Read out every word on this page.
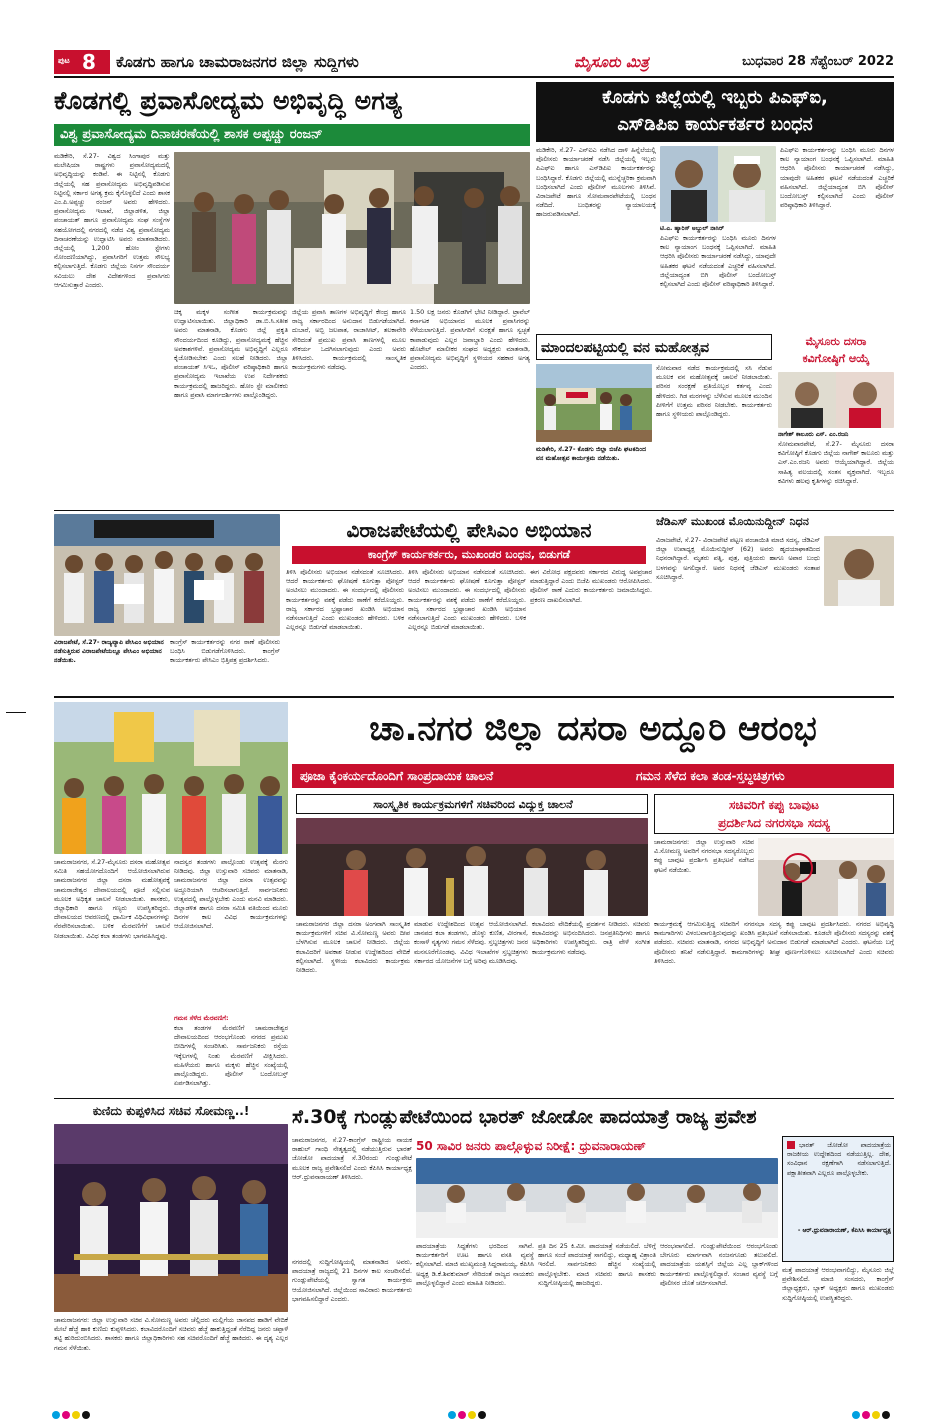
ಪುಟ 8 ಕೊಡಗು ಹಾಗೂ ಚಾಮರಾಜನಗರ ಜಿಲ್ಲಾ ಸುದ್ದಿಗಳು	ಮೈಸೂರು ಮಿತ್ರ	ಬುಧವಾರ 28 ಸೆಪ್ಟೆಂಬರ್ 2022
ಕೊಡಗಲ್ಲಿ ಪ್ರವಾಸೋದ್ಯಮ ಅಭಿವೃದ್ಧಿ ಅಗತ್ಯ
ವಿಶ್ವ ಪ್ರವಾಸೋದ್ಯಮ ದಿನಾಚರಣೆಯಲ್ಲಿ ಶಾಸಕ ಅಪ್ಪಚ್ಚು ರಂಜನ್
ಮಡಿಕೇರಿ, ಸೆ.27- ವಿಶ್ವದ ಸಿಂಗಾಪುರ ಮತ್ತು ಮಲೇಷಿಯಾ ರಾಷ್ಟ್ರಗಳು ಪ್ರವಾಸೋದ್ಯಮದಲ್ಲಿ ಅಭಿವೃದ್ಧಿಯನ್ನು ಕಂಡಿವೆ. ಈ ನಿಟ್ಟಿನಲ್ಲಿ ಕೊಡಗು ಜಿಲ್ಲೆಯಲ್ಲಿ ಸಹ ಪ್ರವಾಸೋದ್ಯಮ ಅಭಿವೃದ್ಧಿಪಡಿಸುವ ನಿಟ್ಟಿನಲ್ಲಿ ಸರ್ಕಾರ ಅಗತ್ಯ ಕ್ರಮ ಕೈಗೊಳ್ಳಲಿದೆ ಎಂದು ಶಾಸಕ ಎಂ.ಪಿ.ಅಪ್ಪಚ್ಚು ರಂಜನ್ ಅವರು ಹೇಳಿದರು. ಪ್ರವಾಸೋದ್ಯಮ ಇಲಾಖೆ, ಜಿಲ್ಲಾಡಳಿತ, ಜಿಲ್ಲಾ ಪಂಚಾಯತ್ ಹಾಗೂ ಪ್ರವಾಸೋದ್ಯಮ ಸಂಘ ಸಂಸ್ಥೆಗಳ ಸಹಯೋಗದಲ್ಲಿ ನಗರದಲ್ಲಿ ನಡೆದ ವಿಶ್ವ ಪ್ರವಾಸೋದ್ಯಮ ದಿನಾಚರಣೆಯನ್ನು ಉದ್ಘಾಟಿಸಿ ಅವರು ಮಾತನಾಡಿದರು. ಜಿಲ್ಲೆಯಲ್ಲಿ 1,200 ಹೋಂ ಸ್ಟೇಗಳು ನೋಂದಣಿಯಾಗಿದ್ದು, ಪ್ರವಾಸಿಗರಿಗೆ ಉತ್ತಮ ಸೌಲಭ್ಯ ಕಲ್ಪಿಸಲಾಗುತ್ತಿದೆ. ಕೊಡಗು ಜಿಲ್ಲೆಯ ನಿಸರ್ಗ ಸೌಂದರ್ಯ ಸವಿಯಲು ದೇಶ ವಿದೇಶಗಳಿಂದ ಪ್ರವಾಸಿಗರು ಆಗಮಿಸುತ್ತಾರೆ ಎಂದರು.
ಚಿಕ್ಕ ಮಕ್ಕಳ ಸಂಗೀತ ಕಾರ್ಯಕ್ರಮವನ್ನು ಉದ್ಘಾಟಿಸಲಾಯಿತು. ಜಿಲ್ಲಾಧಿಕಾರಿ ಡಾ.ಬಿ.ಸಿ.ಸತೀಶ ಅವರು ಮಾತನಾಡಿ, ಕೊಡಗು ಜಿಲ್ಲೆ ಪ್ರಕೃತಿ ಸೌಂದರ್ಯದಿಂದ ಕೂಡಿದ್ದು, ಪ್ರವಾಸೋದ್ಯಮಕ್ಕೆ ಹೆಚ್ಚಿನ ಅವಕಾಶಗಳಿವೆ. ಪ್ರವಾಸೋದ್ಯಮ ಅಭಿವೃದ್ಧಿಗೆ ಎಲ್ಲರೂ ಕೈಜೋಡಿಸಬೇಕು ಎಂದು ಸಲಹೆ ನೀಡಿದರು. ಜಿಲ್ಲಾ ಪಂಚಾಯತ್ ಸಿಇಒ, ಪೊಲೀಸ್ ವರಿಷ್ಠಾಧಿಕಾರಿ ಹಾಗೂ ಪ್ರವಾಸೋದ್ಯಮ ಇಲಾಖೆಯ ಉಪ ನಿರ್ದೇಶಕರು ಕಾರ್ಯಕ್ರಮದಲ್ಲಿ ಹಾಜರಿದ್ದರು. ಹೋಂ ಸ್ಟೇ ಮಾಲೀಕರು ಹಾಗೂ ಪ್ರವಾಸಿ ಮಾರ್ಗದರ್ಶಿಗಳು ಪಾಲ್ಗೊಂಡಿದ್ದರು.
ಜಿಲ್ಲೆಯ ಪ್ರವಾಸಿ ತಾಣಗಳ ಅಭಿವೃದ್ಧಿಗೆ ಕೇಂದ್ರ ಹಾಗೂ ರಾಜ್ಯ ಸರ್ಕಾರದಿಂದ ಅನುದಾನ ಬಿಡುಗಡೆಯಾಗಿದೆ. ದುಬಾರೆ, ಅಬ್ಬಿ ಜಲಪಾತ, ರಾಜಾಸೀಟ್, ತಲಕಾವೇರಿ ಸೇರಿದಂತೆ ಪ್ರಮುಖ ಪ್ರವಾಸಿ ತಾಣಗಳಲ್ಲಿ ಮೂಲ ಸೌಕರ್ಯ ಒದಗಿಸಲಾಗುವುದು ಎಂದು ಅವರು ತಿಳಿಸಿದರು. ಕಾರ್ಯಕ್ರಮದಲ್ಲಿ ಸಾಂಸ್ಕೃತಿಕ ಕಾರ್ಯಕ್ರಮಗಳು ನಡೆದವು.
1.50 ಲಕ್ಷ ಜನರು ಕೊಡಗಿಗೆ ಭೇಟಿ ನೀಡಿದ್ದಾರೆ. ಟ್ರಾವೆಲ್ ಕರ್ನಾಟಕ ಅಭಿಯಾನದ ಮೂಲಕ ಪ್ರವಾಸಿಗರನ್ನು ಸೆಳೆಯಲಾಗುತ್ತಿದೆ. ಪ್ರವಾಸಿಗರಿಗೆ ಸುರಕ್ಷತೆ ಹಾಗೂ ಸ್ವಚ್ಛತೆ ಕಾಪಾಡುವುದು ಎಲ್ಲರ ಜವಾಬ್ದಾರಿ ಎಂದು ಹೇಳಿದರು. ಹೊಟೇಲ್ ಮಾಲೀಕರ ಸಂಘದ ಅಧ್ಯಕ್ಷರು ಮಾತನಾಡಿ, ಪ್ರವಾಸೋದ್ಯಮ ಅಭಿವೃದ್ಧಿಗೆ ಸ್ಥಳೀಯರ ಸಹಕಾರ ಅಗತ್ಯ ಎಂದರು.
ಕೊಡಗು ಜಿಲ್ಲೆಯಲ್ಲಿ ಇಬ್ಬರು ಪಿಎಫ್‌ಐ,
ಎಸ್‌ಡಿಪಿಐ ಕಾರ್ಯಕರ್ತರ ಬಂಧನ
ಮಡಿಕೇರಿ, ಸೆ.27- ಎನ್‌ಐಎ ನಡೆಸಿದ ದಾಳಿ ಹಿನ್ನೆಲೆಯಲ್ಲಿ ಪೊಲೀಸರು ಕಾರ್ಯಾಚರಣೆ ನಡೆಸಿ ಜಿಲ್ಲೆಯಲ್ಲಿ ಇಬ್ಬರು ಪಿಎಫ್‌ಐ ಹಾಗೂ ಎಸ್‌ಡಿಪಿಐ ಕಾರ್ಯಕರ್ತರನ್ನು ಬಂಧಿಸಿದ್ದಾರೆ. ಕೊಡಗು ಜಿಲ್ಲೆಯಲ್ಲಿ ಮುನ್ನೆಚ್ಚರಿಕಾ ಕ್ರಮವಾಗಿ ಬಂಧಿಸಲಾಗಿದೆ ಎಂದು ಪೊಲೀಸ್ ಮೂಲಗಳು ತಿಳಿಸಿವೆ. ವಿರಾಜಪೇಟೆ ಹಾಗೂ ಸೋಮವಾರಪೇಟೆಯಲ್ಲಿ ಬಂಧನ ನಡೆದಿದೆ. ಬಂಧಿತರನ್ನು ನ್ಯಾಯಾಲಯಕ್ಕೆ ಹಾಜರುಪಡಿಸಲಾಗಿದೆ.
ಟಿ.ಎ. ಹ್ಯಾರಿಸ್ ಅಬ್ದುಲ್ ನಾಸಿರ್
ಪಿಎಫ್‌ಐ ಕಾರ್ಯಕರ್ತರನ್ನು ಬಂಧಿಸಿ ಮೂರು ದಿನಗಳ ಕಾಲ ನ್ಯಾಯಾಂಗ ಬಂಧನಕ್ಕೆ ಒಪ್ಪಿಸಲಾಗಿದೆ. ಮಾಹಿತಿ ಆಧರಿಸಿ ಪೊಲೀಸರು ಕಾರ್ಯಾಚರಣೆ ನಡೆಸಿದ್ದು, ಯಾವುದೇ ಅಹಿತಕರ ಘಟನೆ ನಡೆಯದಂತೆ ಎಚ್ಚರಿಕೆ ವಹಿಸಲಾಗಿದೆ. ಜಿಲ್ಲೆಯಾದ್ಯಂತ ಬಿಗಿ ಪೊಲೀಸ್ ಬಂದೋಬಸ್ತ್ ಕಲ್ಪಿಸಲಾಗಿದೆ ಎಂದು ಪೊಲೀಸ್ ವರಿಷ್ಠಾಧಿಕಾರಿ ತಿಳಿಸಿದ್ದಾರೆ.
ಪಿಎಫ್‌ಐ ಕಾರ್ಯಕರ್ತರನ್ನು ಬಂಧಿಸಿ ಮೂರು ದಿನಗಳ ಕಾಲ ನ್ಯಾಯಾಂಗ ಬಂಧನಕ್ಕೆ ಒಪ್ಪಿಸಲಾಗಿದೆ. ಮಾಹಿತಿ ಆಧರಿಸಿ ಪೊಲೀಸರು ಕಾರ್ಯಾಚರಣೆ ನಡೆಸಿದ್ದು, ಯಾವುದೇ ಅಹಿತಕರ ಘಟನೆ ನಡೆಯದಂತೆ ಎಚ್ಚರಿಕೆ ವಹಿಸಲಾಗಿದೆ. ಜಿಲ್ಲೆಯಾದ್ಯಂತ ಬಿಗಿ ಪೊಲೀಸ್ ಬಂದೋಬಸ್ತ್ ಕಲ್ಪಿಸಲಾಗಿದೆ ಎಂದು ಪೊಲೀಸ್ ವರಿಷ್ಠಾಧಿಕಾರಿ ತಿಳಿಸಿದ್ದಾರೆ.
ಮಾಂದಲಪಟ್ಟಿಯಲ್ಲಿ ವನ ಮಹೋತ್ಸವ
ಮಡಿಕೇರಿ, ಸೆ.27- ಕೊಡಗು ಜಿಲ್ಲಾ ಬಿಜೆಪಿ ಘಟಕದಿಂದ ವನ ಮಹೋತ್ಸವ ಕಾರ್ಯಕ್ರಮ ನಡೆಯಿತು.
ಸೋಮವಾರ ನಡೆದ ಕಾರ್ಯಕ್ರಮದಲ್ಲಿ ಸಸಿ ನೆಡುವ ಮೂಲಕ ವನ ಮಹೋತ್ಸವಕ್ಕೆ ಚಾಲನೆ ನೀಡಲಾಯಿತು. ಪರಿಸರ ಸಂರಕ್ಷಣೆ ಪ್ರತಿಯೊಬ್ಬರ ಕರ್ತವ್ಯ ಎಂದು ಹೇಳಿದರು. ಗಿಡ ಮರಗಳನ್ನು ಬೆಳೆಸುವ ಮೂಲಕ ಮುಂದಿನ ಪೀಳಿಗೆಗೆ ಉತ್ತಮ ಪರಿಸರ ನೀಡಬೇಕು. ಕಾರ್ಯಕರ್ತರು ಹಾಗೂ ಸ್ಥಳೀಯರು ಪಾಲ್ಗೊಂಡಿದ್ದರು.
ಮೈಸೂರು ದಸರಾ
ಕವಿಗೋಷ್ಠಿಗೆ ಆಯ್ಕೆ
ನಾಗೇಶ್ ಕಾಲೂರು ಎಸ್. ಎಂ.ರಜನಿ
ಸೋಮವಾರಪೇಟೆ, ಸೆ.27- ಮೈಸೂರು ದಸರಾ ಕವಿಗೋಷ್ಠಿಗೆ ಕೊಡಗು ಜಿಲ್ಲೆಯ ನಾಗೇಶ್ ಕಾಲೂರು ಮತ್ತು ಎಸ್.ಎಂ.ರಜನಿ ಅವರು ಆಯ್ಕೆಯಾಗಿದ್ದಾರೆ. ಜಿಲ್ಲೆಯ ಸಾಹಿತ್ಯ ವಲಯದಲ್ಲಿ ಸಂತಸ ವ್ಯಕ್ತವಾಗಿದೆ. ಇಬ್ಬರೂ ಕವಿಗಳು ಹಲವು ಕೃತಿಗಳನ್ನು ರಚಿಸಿದ್ದಾರೆ.
ವಿರಾಜಪೇಟೆ, ಸೆ.27- ರಾಜ್ಯವ್ಯಾಪಿ ಪೇಸಿಎಂ ಅಭಿಯಾನ ನಡೆಸುತ್ತಿರುವ ವಿರಾಜಪೇಟೆಯಲ್ಲೂ ಪೇಸಿಎಂ ಅಭಿಯಾನ ನಡೆಯಿತು.
ಕಾಂಗ್ರೆಸ್ ಕಾರ್ಯಕರ್ತರನ್ನು ನಗರ ಠಾಣೆ ಪೊಲೀಸರು ಬಂಧಿಸಿ ಬಿಡುಗಡೆಗೊಳಿಸಿದರು. ಕಾಂಗ್ರೆಸ್ ಕಾರ್ಯಕರ್ತರು ಪೇಸಿಎಂ ಭಿತ್ತಿಪತ್ರ ಪ್ರದರ್ಶಿಸಿದರು.
ವಿರಾಜಪೇಟೆಯಲ್ಲಿ ಪೇಸಿಎಂ ಅಭಿಯಾನ
ಕಾಂಗ್ರೆಸ್ ಕಾರ್ಯಕರ್ತರು, ಮುಖಂಡರ ಬಂಧನ, ಬಿಡುಗಡೆ
ತಿಳಿಸಿ ಪೊಲೀಸರು ಅಭಿಯಾನ ನಡೆಸದಂತೆ ಸೂಚಿಸಿದರು. ಆದರೆ ಕಾರ್ಯಕರ್ತರು ಘೋಷಣೆ ಕೂಗುತ್ತಾ ಪೋಸ್ಟರ್ ಅಂಟಿಸಲು ಮುಂದಾದರು. ಈ ಸಂದರ್ಭದಲ್ಲಿ ಪೊಲೀಸರು ಕಾರ್ಯಕರ್ತರನ್ನು ವಶಕ್ಕೆ ಪಡೆದು ಠಾಣೆಗೆ ಕರೆದೊಯ್ದರು. ರಾಜ್ಯ ಸರ್ಕಾರದ ಭ್ರಷ್ಟಾಚಾರ ಖಂಡಿಸಿ ಅಭಿಯಾನ ನಡೆಸಲಾಗುತ್ತಿದೆ ಎಂದು ಮುಖಂಡರು ಹೇಳಿದರು. ಬಳಿಕ ಎಲ್ಲರನ್ನೂ ಬಿಡುಗಡೆ ಮಾಡಲಾಯಿತು.
ತಿಳಿಸಿ ಪೊಲೀಸರು ಅಭಿಯಾನ ನಡೆಸದಂತೆ ಸೂಚಿಸಿದರು. ಆದರೆ ಕಾರ್ಯಕರ್ತರು ಘೋಷಣೆ ಕೂಗುತ್ತಾ ಪೋಸ್ಟರ್ ಅಂಟಿಸಲು ಮುಂದಾದರು. ಈ ಸಂದರ್ಭದಲ್ಲಿ ಪೊಲೀಸರು ಕಾರ್ಯಕರ್ತರನ್ನು ವಶಕ್ಕೆ ಪಡೆದು ಠಾಣೆಗೆ ಕರೆದೊಯ್ದರು. ರಾಜ್ಯ ಸರ್ಕಾರದ ಭ್ರಷ್ಟಾಚಾರ ಖಂಡಿಸಿ ಅಭಿಯಾನ ನಡೆಸಲಾಗುತ್ತಿದೆ ಎಂದು ಮುಖಂಡರು ಹೇಳಿದರು. ಬಳಿಕ ಎಲ್ಲರನ್ನೂ ಬಿಡುಗಡೆ ಮಾಡಲಾಯಿತು.
ಈಗ ವಿರೋಧ ಪಕ್ಷದವರು ಸರ್ಕಾರದ ವಿರುದ್ಧ ಅಪಪ್ರಚಾರ ಮಾಡುತ್ತಿದ್ದಾರೆ ಎಂದು ಬಿಜೆಪಿ ಮುಖಂಡರು ಆರೋಪಿಸಿದರು. ಪೊಲೀಸ್ ಠಾಣೆ ಎದುರು ಕಾರ್ಯಕರ್ತರು ಜಮಾಯಿಸಿದ್ದರು. ಪ್ರಕರಣ ದಾಖಲಿಸಲಾಗಿದೆ.
ಜೆಡಿಎಸ್ ಮುಖಂಡ ಮೊಯಿನುದ್ದೀನ್ ನಿಧನ
ವಿರಾಜಪೇಟೆ, ಸೆ.27- ವಿರಾಜಪೇಟೆ ಪಟ್ಟಣ ಪಂಚಾಯಿತಿ ಮಾಜಿ ಸದಸ್ಯ, ಜೆಡಿಎಸ್ ಜಿಲ್ಲಾ ಉಪಾಧ್ಯಕ್ಷ ಮೊಯಿನುದ್ದೀನ್ (62) ಅವರು ಹೃದಯಾಘಾತದಿಂದ ನಿಧನರಾಗಿದ್ದಾರೆ. ಮೃತರು ಪತ್ನಿ, ಪುತ್ರ, ಪುತ್ರಿಯರು ಹಾಗೂ ಅಪಾರ ಬಂಧು ಬಳಗವನ್ನು ಅಗಲಿದ್ದಾರೆ. ಅವರ ನಿಧನಕ್ಕೆ ಜೆಡಿಎಸ್ ಮುಖಂಡರು ಸಂತಾಪ ಸೂಚಿಸಿದ್ದಾರೆ.
ಚಾ.ನಗರ ಜಿಲ್ಲಾ ದಸರಾ ಅದ್ದೂರಿ ಆರಂಭ
ಪೂಜಾ ಕೈಂಕರ್ಯದೊಂದಿಗೆ ಸಾಂಪ್ರದಾಯಿಕ ಚಾಲನೆ	ಗಮನ ಸೆಳೆದ ಕಲಾ ತಂಡ-ಸ್ತಬ್ಧಚಿತ್ರಗಳು
ಸಾಂಸ್ಕೃತಿಕ ಕಾರ್ಯಕ್ರಮಗಳಿಗೆ ಸಚಿವರಿಂದ ವಿದ್ಯುಕ್ತ ಚಾಲನೆ	ಸಚಿವರಿಗೆ ಕಪ್ಪು ಬಾವುಟ
ಪ್ರದರ್ಶಿಸಿದ ನಗರಸಭಾ ಸದಸ್ಯ
ಚಾಮರಾಜನಗರ: ಜಿಲ್ಲಾ ಉಸ್ತುವಾರಿ ಸಚಿವ ವಿ.ಸೋಮಣ್ಣ ಅವರಿಗೆ ನಗರಸಭಾ ಸದಸ್ಯರೊಬ್ಬರು ಕಪ್ಪು ಬಾವುಟ ಪ್ರದರ್ಶಿಸಿ ಪ್ರತಿಭಟನೆ ನಡೆಸಿದ ಘಟನೆ ನಡೆಯಿತು.
ಚಾಮರಾಜನಗರ, ಸೆ.27-ಮೈಸೂರು ದಸರಾ ಮಹೋತ್ಸವ ಸಮಿತಿ ಸಹಯೋಗದೊಂದಿಗೆ ಆಯೋಜಿಸಲಾಗಿರುವ ಚಾಮರಾಜನಗರ ಜಿಲ್ಲಾ ದಸರಾ ಮಹೋತ್ಸವಕ್ಕೆ ಚಾಮರಾಜೇಶ್ವರ ದೇವಾಲಯದಲ್ಲಿ ಪೂಜೆ ಸಲ್ಲಿಸುವ ಮೂಲಕ ಅಧಿಕೃತ ಚಾಲನೆ ನೀಡಲಾಯಿತು. ಶಾಸಕರು, ಜಿಲ್ಲಾಧಿಕಾರಿ ಹಾಗೂ ಗಣ್ಯರು ಉಪಸ್ಥಿತರಿದ್ದರು. ದೇವಾಲಯದ ಆವರಣದಲ್ಲಿ ಧಾರ್ಮಿಕ ವಿಧಿವಿಧಾನಗಳನ್ನು ನೆರವೇರಿಸಲಾಯಿತು. ಬಳಿಕ ಮೆರವಣಿಗೆಗೆ ಚಾಲನೆ ನೀಡಲಾಯಿತು. ವಿವಿಧ ಕಲಾ ತಂಡಗಳು ಭಾಗವಹಿಸಿದ್ದವು.
ನಾದಸ್ವರ ತಂಡಗಳು ಪಾಲ್ಗೊಂಡು ಉತ್ಸವಕ್ಕೆ ಮೆರಗು ನೀಡಿದವು. ಜಿಲ್ಲಾ ಉಸ್ತುವಾರಿ ಸಚಿವರು ಮಾತನಾಡಿ, ಚಾಮರಾಜನಗರ ಜಿಲ್ಲಾ ದಸರಾ ಉತ್ಸವವನ್ನು ಅದ್ದೂರಿಯಾಗಿ ಆಚರಿಸಲಾಗುತ್ತಿದೆ. ಸಾರ್ವಜನಿಕರು ಉತ್ಸವದಲ್ಲಿ ಪಾಲ್ಗೊಳ್ಳಬೇಕು ಎಂದು ಮನವಿ ಮಾಡಿದರು. ಜಿಲ್ಲಾಡಳಿತ ಹಾಗೂ ದಸರಾ ಸಮಿತಿ ವತಿಯಿಂದ ಮೂರು ದಿನಗಳ ಕಾಲ ವಿವಿಧ ಕಾರ್ಯಕ್ರಮಗಳನ್ನು ಆಯೋಜಿಸಲಾಗಿದೆ.
ಗಮನ ಸೆಳೆದ ಮೆರವಣಿಗೆ:
ಕಲಾ ತಂಡಗಳ ಮೆರವಣಿಗೆ ಚಾಮರಾಜೇಶ್ವರ ದೇವಾಲಯದಿಂದ ಆರಂಭಗೊಂಡು ನಗರದ ಪ್ರಮುಖ ಬೀದಿಗಳಲ್ಲಿ ಸಂಚರಿಸಿತು. ಸಾರ್ವಜನಿಕರು ರಸ್ತೆಯ ಇಕ್ಕೆಲಗಳಲ್ಲಿ ನಿಂತು ಮೆರವಣಿಗೆ ವೀಕ್ಷಿಸಿದರು. ಮಹಿಳೆಯರು ಹಾಗೂ ಮಕ್ಕಳು ಹೆಚ್ಚಿನ ಸಂಖ್ಯೆಯಲ್ಲಿ ಪಾಲ್ಗೊಂಡಿದ್ದರು. ಪೊಲೀಸ್ ಬಂದೋಬಸ್ತ್ ಏರ್ಪಡಿಸಲಾಗಿತ್ತು.
ಚಾಮರಾಜನಗರ ಜಿಲ್ಲಾ ದಸರಾ ಅಂಗವಾಗಿ ಸಾಂಸ್ಕೃತಿಕ ಕಾರ್ಯಕ್ರಮಗಳಿಗೆ ಸಚಿವ ವಿ.ಸೋಮಣ್ಣ ಅವರು ದೀಪ ಬೆಳಗಿಸುವ ಮೂಲಕ ಚಾಲನೆ ನೀಡಿದರು. ಜಿಲ್ಲೆಯ ಕಲಾವಿದರಿಗೆ ಅವಕಾಶ ನೀಡುವ ಉದ್ದೇಶದಿಂದ ವೇದಿಕೆ ಕಲ್ಪಿಸಲಾಗಿದೆ. ಸ್ಥಳೀಯ ಕಲಾವಿದರು ಕಾರ್ಯಕ್ರಮ ನೀಡಿದರು.
ಮಾಡುವ ಉದ್ದೇಶದಿಂದ ಉತ್ಸವ ಆಯೋಜಿಸಲಾಗಿದೆ. ಜಾನಪದ ಕಲಾ ತಂಡಗಳು, ಡೊಳ್ಳು ಕುಣಿತ, ವೀರಗಾಸೆ, ಕಂಸಾಳೆ ನೃತ್ಯಗಳು ಗಮನ ಸೆಳೆದವು. ಸ್ತಬ್ಧಚಿತ್ರಗಳು ಜನರ ಮನಸೂರೆಗೊಂಡವು. ವಿವಿಧ ಇಲಾಖೆಗಳ ಸ್ತಬ್ಧಚಿತ್ರಗಳು ಸರ್ಕಾರದ ಯೋಜನೆಗಳ ಬಗ್ಗೆ ಅರಿವು ಮೂಡಿಸಿದವು.
ಕಲಾವಿದರು ವೇದಿಕೆಯಲ್ಲಿ ಪ್ರದರ್ಶನ ನೀಡಿದರು. ಸಚಿವರು ಕಲಾವಿದರನ್ನು ಅಭಿನಂದಿಸಿದರು. ಜನಪ್ರತಿನಿಧಿಗಳು ಹಾಗೂ ಅಧಿಕಾರಿಗಳು ಉಪಸ್ಥಿತರಿದ್ದರು. ರಾತ್ರಿ ವೇಳೆ ಸಂಗೀತ ಕಾರ್ಯಕ್ರಮಗಳು ನಡೆದವು.
ಕಾರ್ಯಕ್ರಮಕ್ಕೆ ಆಗಮಿಸುತ್ತಿದ್ದ ಸಚಿವರಿಗೆ ನಗರಸಭಾ ಸದಸ್ಯ ಕಪ್ಪು ಬಾವುಟ ಪ್ರದರ್ಶಿಸಿದರು. ನಗರದ ಅಭಿವೃದ್ಧಿ ಕಾಮಗಾರಿಗಳು ವಿಳಂಬವಾಗುತ್ತಿರುವುದನ್ನು ಖಂಡಿಸಿ ಪ್ರತಿಭಟನೆ ನಡೆಸಲಾಯಿತು. ಕೂಡಲೇ ಪೊಲೀಸರು ಸದಸ್ಯರನ್ನು ವಶಕ್ಕೆ ಪಡೆದರು. ಸಚಿವರು ಮಾತನಾಡಿ, ನಗರದ ಅಭಿವೃದ್ಧಿಗೆ ಅನುದಾನ ಬಿಡುಗಡೆ ಮಾಡಲಾಗಿದೆ ಎಂದರು. ಘಟನೆಯ ಬಗ್ಗೆ ಪೊಲೀಸರು ತನಿಖೆ ನಡೆಸುತ್ತಿದ್ದಾರೆ. ಕಾಮಗಾರಿಗಳನ್ನು ಶೀಘ್ರ ಪೂರ್ಣಗೊಳಿಸಲು ಸೂಚಿಸಲಾಗಿದೆ ಎಂದು ಸಚಿವರು ತಿಳಿಸಿದರು.
ಕುಣಿದು ಕುಪ್ಪಳಿಸಿದ ಸಚಿವ ಸೋಮಣ್ಣ..!
ಚಾಮರಾಜನಗರ: ಜಿಲ್ಲಾ ಉಸ್ತುವಾರಿ ಸಚಿವ ವಿ.ಸೋಮಣ್ಣ ಅವರು ಚೆಲ್ಲಿದರು ಮಲ್ಲಿಗೆಯ ಜಾನಪದ ಹಾಡಿಗೆ ವೇದಿಕೆ ಮೇಲೆ ಹೆಜ್ಜೆ ಹಾಕಿ ಕುಣಿದು ಕುಪ್ಪಳಿಸಿದರು. ಕಲಾವಿದರೊಂದಿಗೆ ಸಚಿವರು ಹೆಜ್ಜೆ ಹಾಕುತ್ತಿದ್ದಂತೆ ನೆರೆದಿದ್ದ ಜನರು ಚಪ್ಪಾಳೆ ತಟ್ಟಿ ಹುರಿದುಂಬಿಸಿದರು. ಶಾಸಕರು ಹಾಗೂ ಜಿಲ್ಲಾಧಿಕಾರಿಗಳು ಸಹ ಸಚಿವರೊಂದಿಗೆ ಹೆಜ್ಜೆ ಹಾಕಿದರು. ಈ ದೃಶ್ಯ ಎಲ್ಲರ ಗಮನ ಸೆಳೆಯಿತು.
ಸೆ.30ಕ್ಕೆ ಗುಂಡ್ಲುಪೇಟೆಯಿಂದ ಭಾರತ್ ಜೋಡೋ ಪಾದಯಾತ್ರೆ ರಾಜ್ಯ ಪ್ರವೇಶ
ಚಾಮರಾಜನಗರ, ಸೆ.27-ಕಾಂಗ್ರೆಸ್ ರಾಷ್ಟ್ರೀಯ ನಾಯಕ ರಾಹುಲ್ ಗಾಂಧಿ ನೇತೃತ್ವದಲ್ಲಿ ನಡೆಯುತ್ತಿರುವ ಭಾರತ್ ಜೋಡೋ ಪಾದಯಾತ್ರೆ ಸೆ.30ರಂದು ಗುಂಡ್ಲುಪೇಟೆ ಮೂಲಕ ರಾಜ್ಯ ಪ್ರವೇಶಿಸಲಿದೆ ಎಂದು ಕೆಪಿಸಿಸಿ ಕಾರ್ಯಾಧ್ಯಕ್ಷ ಆರ್.ಧ್ರುವನಾರಾಯಣ್ ತಿಳಿಸಿದರು.
50 ಸಾವಿರ ಜನರು ಪಾಲ್ಗೊಳ್ಳುವ ನಿರೀಕ್ಷೆ: ಧ್ರುವನಾರಾಯಣ್	ಭಾರತ್ ಜೋಡೋ ಪಾದಯಾತ್ರೆಯ ರಾಜಕೀಯ ಉದ್ದೇಶದಿಂದ ನಡೆಯುತ್ತಿಲ್ಲ. ದೇಶ, ಸಂವಿಧಾನ ರಕ್ಷಣೆಗಾಗಿ ನಡೆಸಲಾಗುತ್ತಿದೆ. ಪಕ್ಷಾತೀತವಾಗಿ ಎಲ್ಲರೂ ಪಾಲ್ಗೊಳ್ಳಬೇಕು.
- ಆರ್.ಧ್ರುವನಾರಾಯಣ್, ಕೆಪಿಸಿಸಿ ಕಾರ್ಯಾಧ್ಯಕ್ಷ
ನಗರದಲ್ಲಿ ಸುದ್ದಿಗೋಷ್ಠಿಯಲ್ಲಿ ಮಾತನಾಡಿದ ಅವರು, ಪಾದಯಾತ್ರೆ ರಾಜ್ಯದಲ್ಲಿ 21 ದಿನಗಳ ಕಾಲ ಸಂಚರಿಸಲಿದೆ. ಗುಂಡ್ಲುಪೇಟೆಯಲ್ಲಿ ಸ್ವಾಗತ ಕಾರ್ಯಕ್ರಮ ಆಯೋಜಿಸಲಾಗಿದೆ. ಜಿಲ್ಲೆಯಿಂದ ಸಾವಿರಾರು ಕಾರ್ಯಕರ್ತರು ಭಾಗವಹಿಸಲಿದ್ದಾರೆ ಎಂದರು.
ಪಾದಯಾತ್ರೆಯ ಸಿದ್ಧತೆಗಳು ಭರದಿಂದ ಸಾಗಿವೆ. ಕಾರ್ಯಕರ್ತರಿಗೆ ಊಟ ಹಾಗೂ ವಸತಿ ವ್ಯವಸ್ಥೆ ಕಲ್ಪಿಸಲಾಗಿದೆ. ಮಾಜಿ ಮುಖ್ಯಮಂತ್ರಿ ಸಿದ್ದರಾಮಯ್ಯ, ಕೆಪಿಸಿಸಿ ಅಧ್ಯಕ್ಷ ಡಿ.ಕೆ.ಶಿವಕುಮಾರ್ ಸೇರಿದಂತೆ ರಾಜ್ಯದ ನಾಯಕರು ಪಾಲ್ಗೊಳ್ಳಲಿದ್ದಾರೆ ಎಂದು ಮಾಹಿತಿ ನೀಡಿದರು.
ಪ್ರತಿ ದಿನ 25 ಕಿ.ಮೀ. ಪಾದಯಾತ್ರೆ ನಡೆಯಲಿದೆ. ಬೆಳಿಗ್ಗೆ ಹಾಗೂ ಸಂಜೆ ಪಾದಯಾತ್ರೆ ಸಾಗಲಿದ್ದು, ಮಧ್ಯಾಹ್ನ ವಿಶ್ರಾಂತಿ ಇರಲಿದೆ. ಸಾರ್ವಜನಿಕರು ಹೆಚ್ಚಿನ ಸಂಖ್ಯೆಯಲ್ಲಿ ಪಾಲ್ಗೊಳ್ಳಬೇಕು. ಮಾಜಿ ಸಚಿವರು ಹಾಗೂ ಶಾಸಕರು ಸುದ್ದಿಗೋಷ್ಠಿಯಲ್ಲಿ ಹಾಜರಿದ್ದರು.
ಆರಂಭವಾಗಲಿದೆ. ಗುಂಡ್ಲುಪೇಟೆಯಿಂದ ಆರಂಭಗೊಂಡು ಬೇಗೂರು ಮಾರ್ಗವಾಗಿ ನಂಜನಗೂಡು ತಲುಪಲಿದೆ. ಪಾದಯಾತ್ರೆಯ ಯಶಸ್ಸಿಗೆ ಜಿಲ್ಲೆಯ ಎಲ್ಲ ಬ್ಲಾಕ್‌ಗಳಿಂದ ಕಾರ್ಯಕರ್ತರು ಪಾಲ್ಗೊಳ್ಳಲಿದ್ದಾರೆ. ಸಂಚಾರ ವ್ಯವಸ್ಥೆ ಬಗ್ಗೆ ಪೊಲೀಸರ ಜೊತೆ ಚರ್ಚಿಸಲಾಗಿದೆ.
ಮತ್ತೆ ಪಾದಯಾತ್ರೆ ಆರಂಭವಾಗಲಿದ್ದು, ಮೈಸೂರು ಜಿಲ್ಲೆ ಪ್ರವೇಶಿಸಲಿದೆ. ಮಾಜಿ ಸಂಸದರು, ಕಾಂಗ್ರೆಸ್ ಜಿಲ್ಲಾಧ್ಯಕ್ಷರು, ಬ್ಲಾಕ್ ಅಧ್ಯಕ್ಷರು ಹಾಗೂ ಮುಖಂಡರು ಸುದ್ದಿಗೋಷ್ಠಿಯಲ್ಲಿ ಉಪಸ್ಥಿತರಿದ್ದರು.
